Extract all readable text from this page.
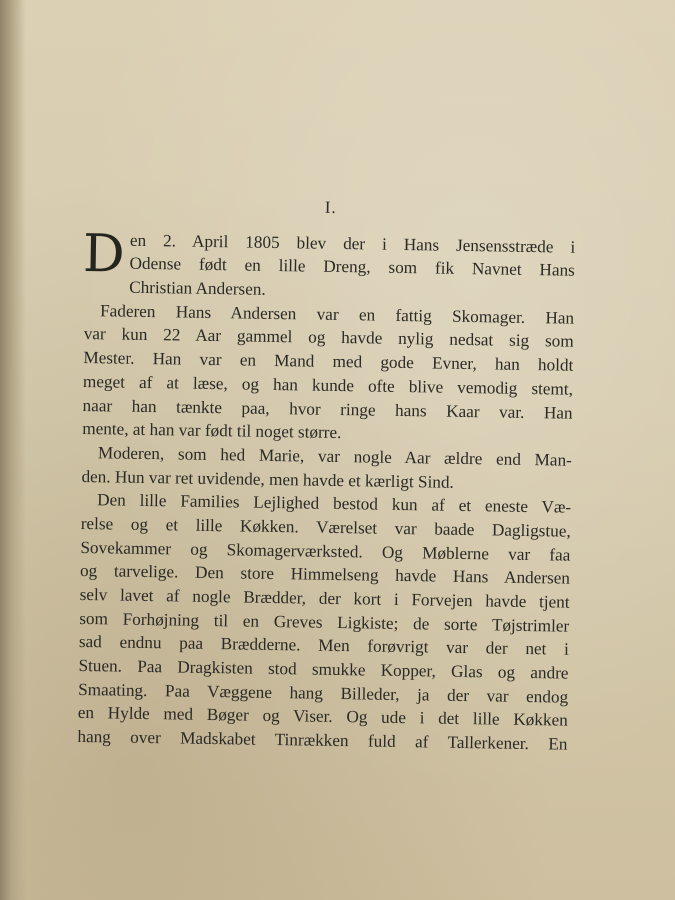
I.
D en 2. April 1805 blev der i Hans Jensensstræde i
Odense født en lille Dreng, som fik Navnet Hans
Christian Andersen.
Faderen Hans Andersen var en fattig Skomager. Han
var kun 22 Aar gammel og havde nylig nedsat sig som
Mester. Han var en Mand med gode Evner, han holdt
meget af at læse, og han kunde ofte blive vemodig stemt,
naar han tænkte paa, hvor ringe hans Kaar var. Han
mente, at han var født til noget større.
Moderen, som hed Marie, var nogle Aar ældre end Man-
den. Hun var ret uvidende, men havde et kærligt Sind.
Den lille Families Lejlighed bestod kun af et eneste Væ-
relse og et lille Køkken. Værelset var baade Dagligstue,
Sovekammer og Skomagerværksted. Og Møblerne var faa
og tarvelige. Den store Himmelseng havde Hans Andersen
selv lavet af nogle Brædder, der kort i Forvejen havde tjent
som Forhøjning til en Greves Ligkiste; de sorte Tøjstrimler
sad endnu paa Brædderne. Men forøvrigt var der net i
Stuen. Paa Dragkisten stod smukke Kopper, Glas og andre
Smaating. Paa Væggene hang Billeder, ja der var endog
en Hylde med Bøger og Viser. Og ude i det lille Køkken
hang over Madskabet Tinrækken fuld af Tallerkener. En
